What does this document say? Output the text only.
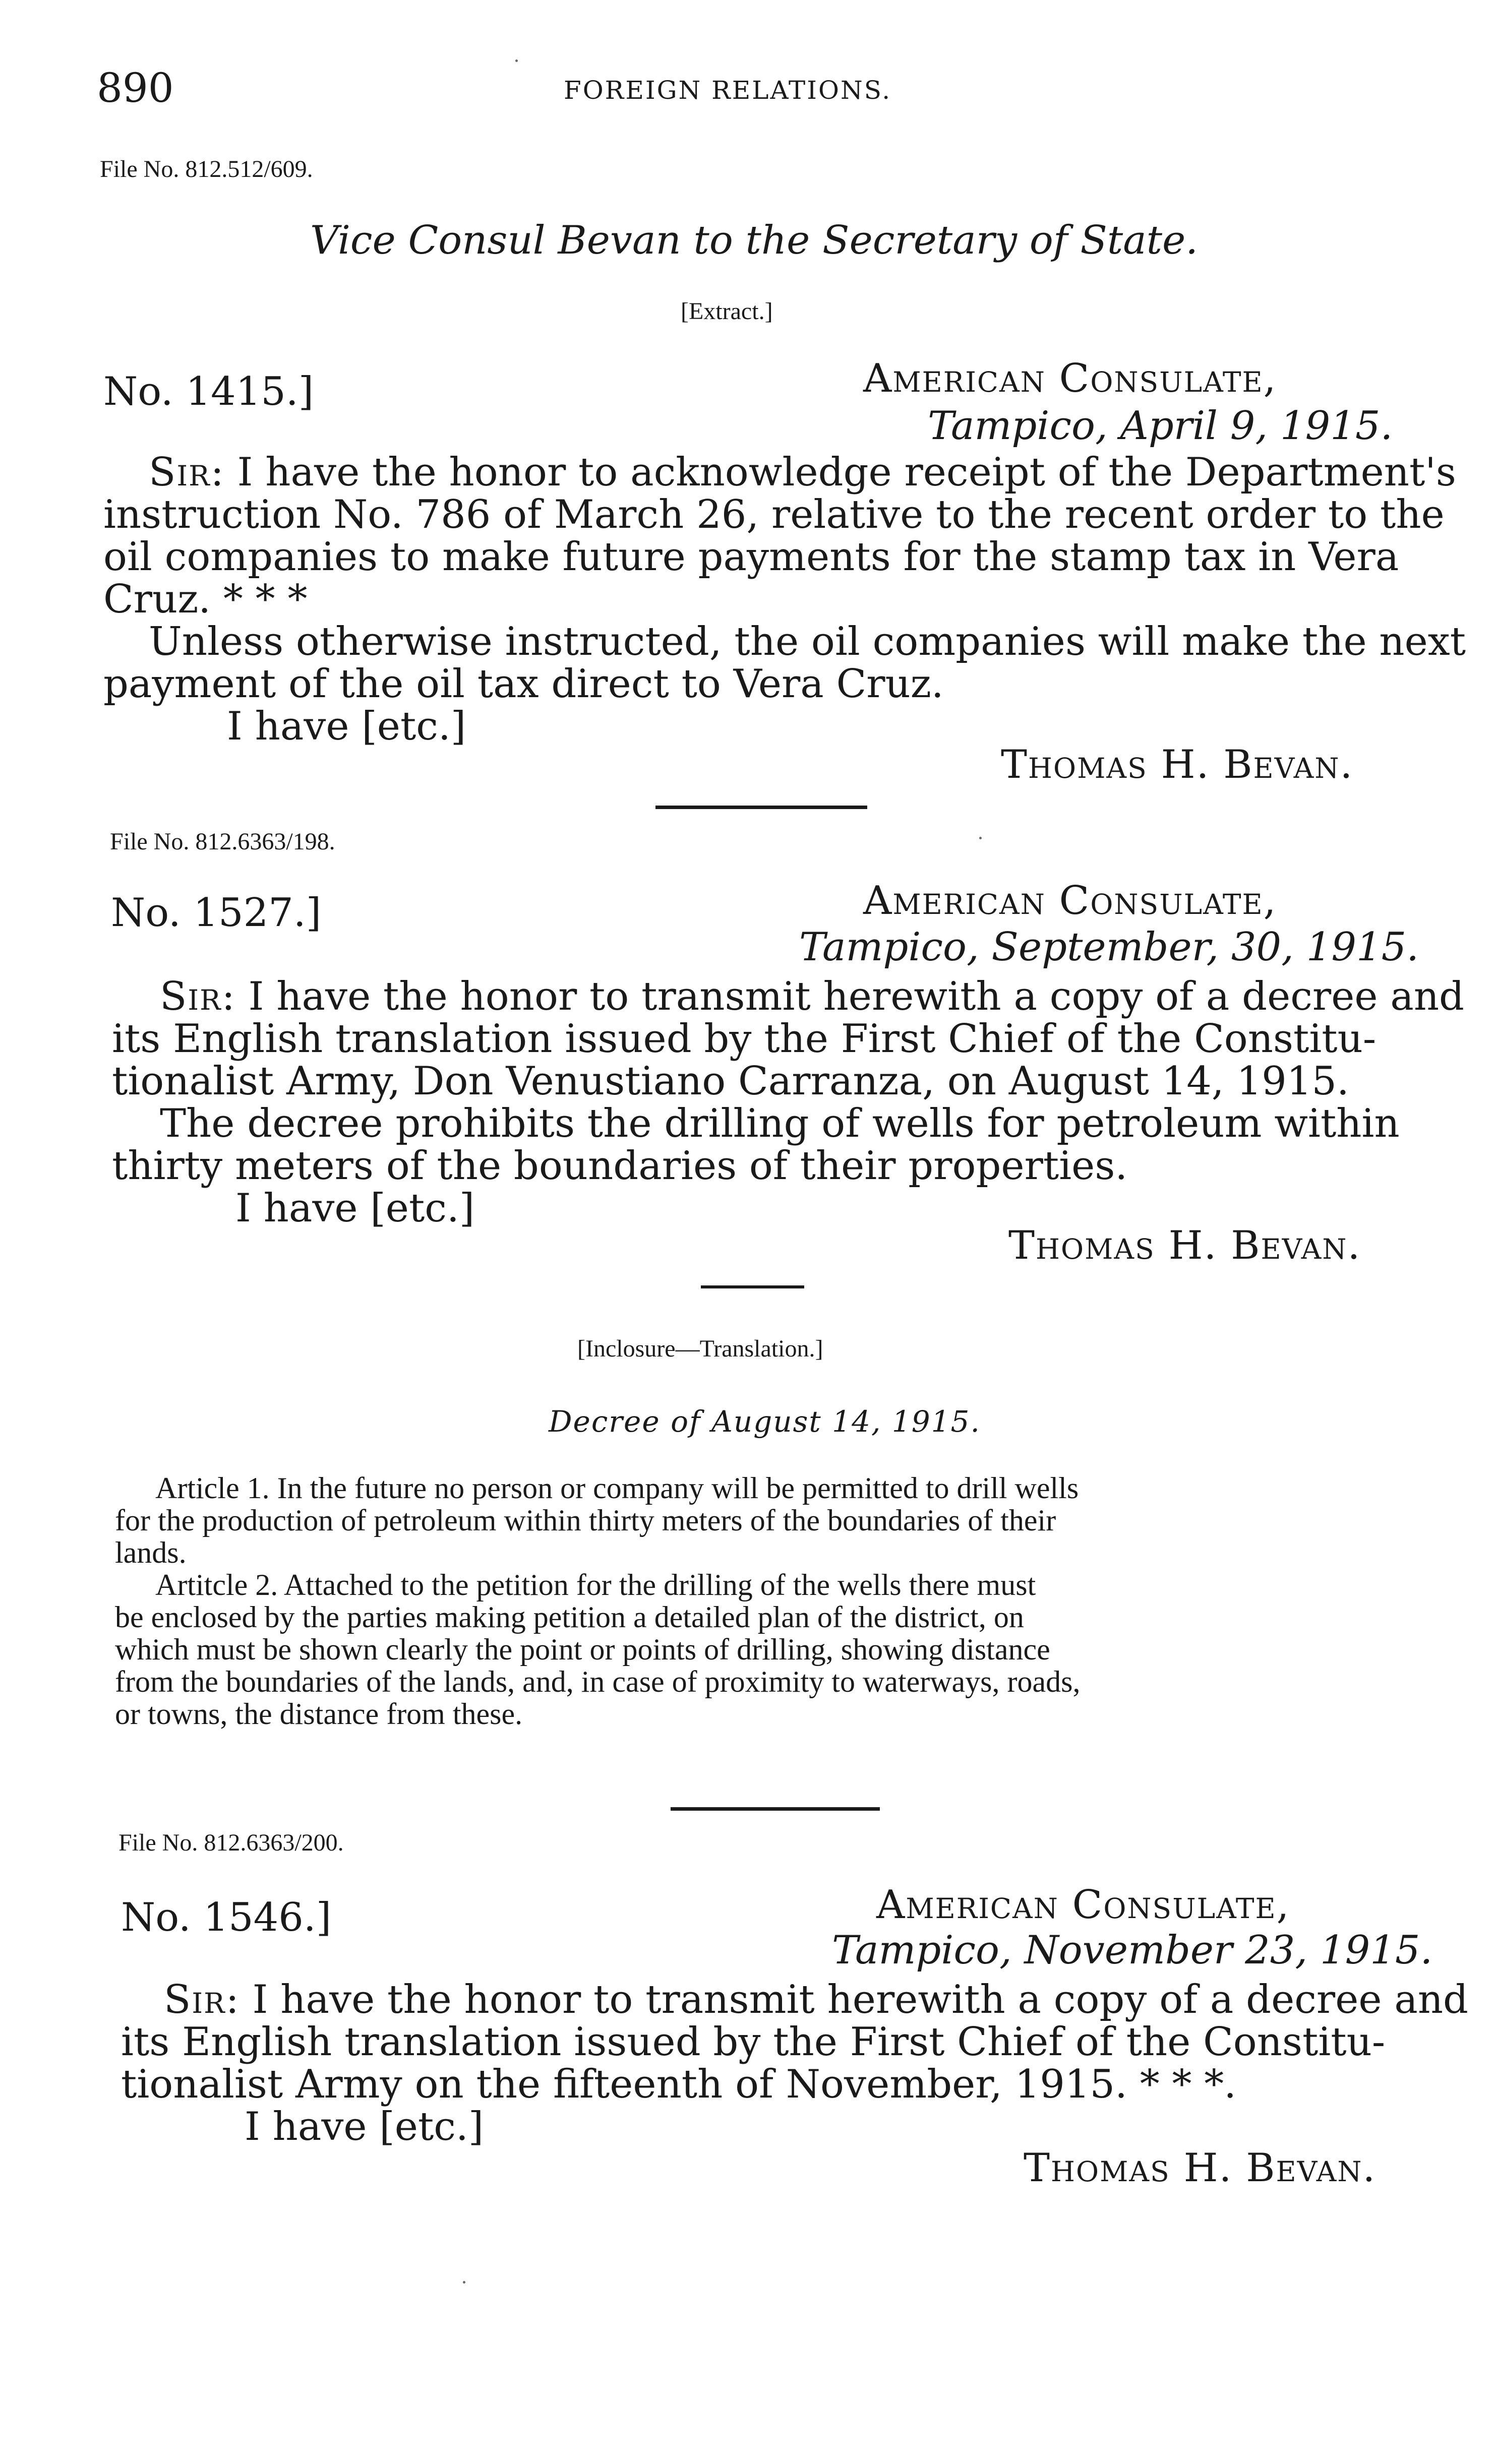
890	FOREIGN RELATIONS.
File No. 812.512/609.
Vice Consul Bevan to the Secretary of State.
[Extract.]
No. 1415.]	American Consulate,
Tampico, April 9, 1915.
Sir: I have the honor to acknowledge receipt of the Department's
instruction No. 786 of March 26, relative to the recent order to the
oil companies to make future payments for the stamp tax in Vera
Cruz. * * *
Unless otherwise instructed, the oil companies will make the next
payment of the oil tax direct to Vera Cruz.
I have [etc.]
Thomas H. Bevan.
File No. 812.6363/198.
No. 1527.]	American Consulate,
Tampico, September, 30, 1915.
Sir: I have the honor to transmit herewith a copy of a decree and
its English translation issued by the First Chief of the Constitu-
tionalist Army, Don Venustiano Carranza, on August 14, 1915.
The decree prohibits the drilling of wells for petroleum within
thirty meters of the boundaries of their properties.
I have [etc.]
Thomas H. Bevan.
[Inclosure—Translation.]
Decree of August 14, 1915.
Article 1. In the future no person or company will be permitted to drill wells
for the production of petroleum within thirty meters of the boundaries of their
lands.
Artitcle 2. Attached to the petition for the drilling of the wells there must
be enclosed by the parties making petition a detailed plan of the district, on
which must be shown clearly the point or points of drilling, showing distance
from the boundaries of the lands, and, in case of proximity to waterways, roads,
or towns, the distance from these.
File No. 812.6363/200.
No. 1546.]	American Consulate,
Tampico, November 23, 1915.
Sir: I have the honor to transmit herewith a copy of a decree and
its English translation issued by the First Chief of the Constitu-
tionalist Army on the fifteenth of November, 1915. * * *.
I have [etc.]
Thomas H. Bevan.
